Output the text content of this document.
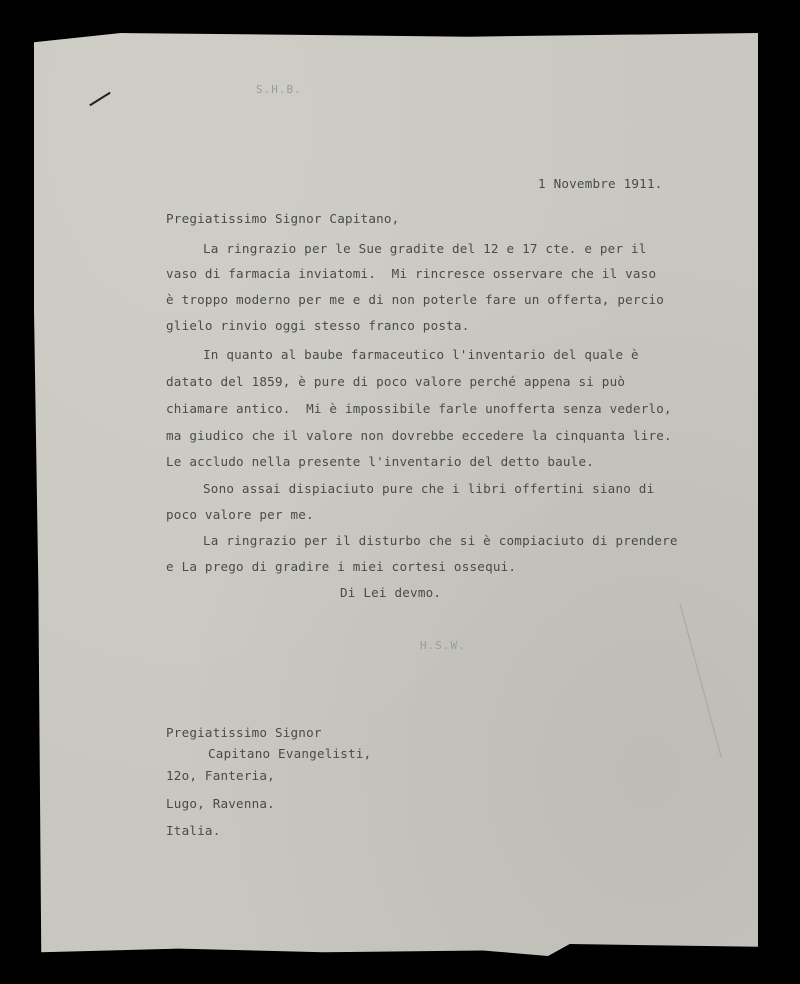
S.H.B.
1 Novembre 1911.
Pregiatissimo Signor Capitano,
La ringrazio per le Sue gradite del 12 e 17 cte. e per il
vaso di farmacia inviatomi.  Mi rincresce osservare che il vaso
è troppo moderno per me e di non poterle fare un offerta, percio
glielo rinvio oggi stesso franco posta.
In quanto al baube farmaceutico l'inventario del quale è
datato del 1859, è pure di poco valore perché appena si può
chiamare antico.  Mi è impossibile farle unofferta senza vederlo,
ma giudico che il valore non dovrebbe eccedere la cinquanta lire.
Le accludo nella presente l'inventario del detto baule.
Sono assai dispiaciuto pure che i libri offertini siano di
poco valore per me.
La ringrazio per il disturbo che si è compiaciuto di prendere
e La prego di gradire i miei cortesi ossequi.
Di Lei devmo.
H.S.W.
Pregiatissimo Signor
Capitano Evangelisti,
12o, Fanteria,
Lugo, Ravenna.
Italia.
